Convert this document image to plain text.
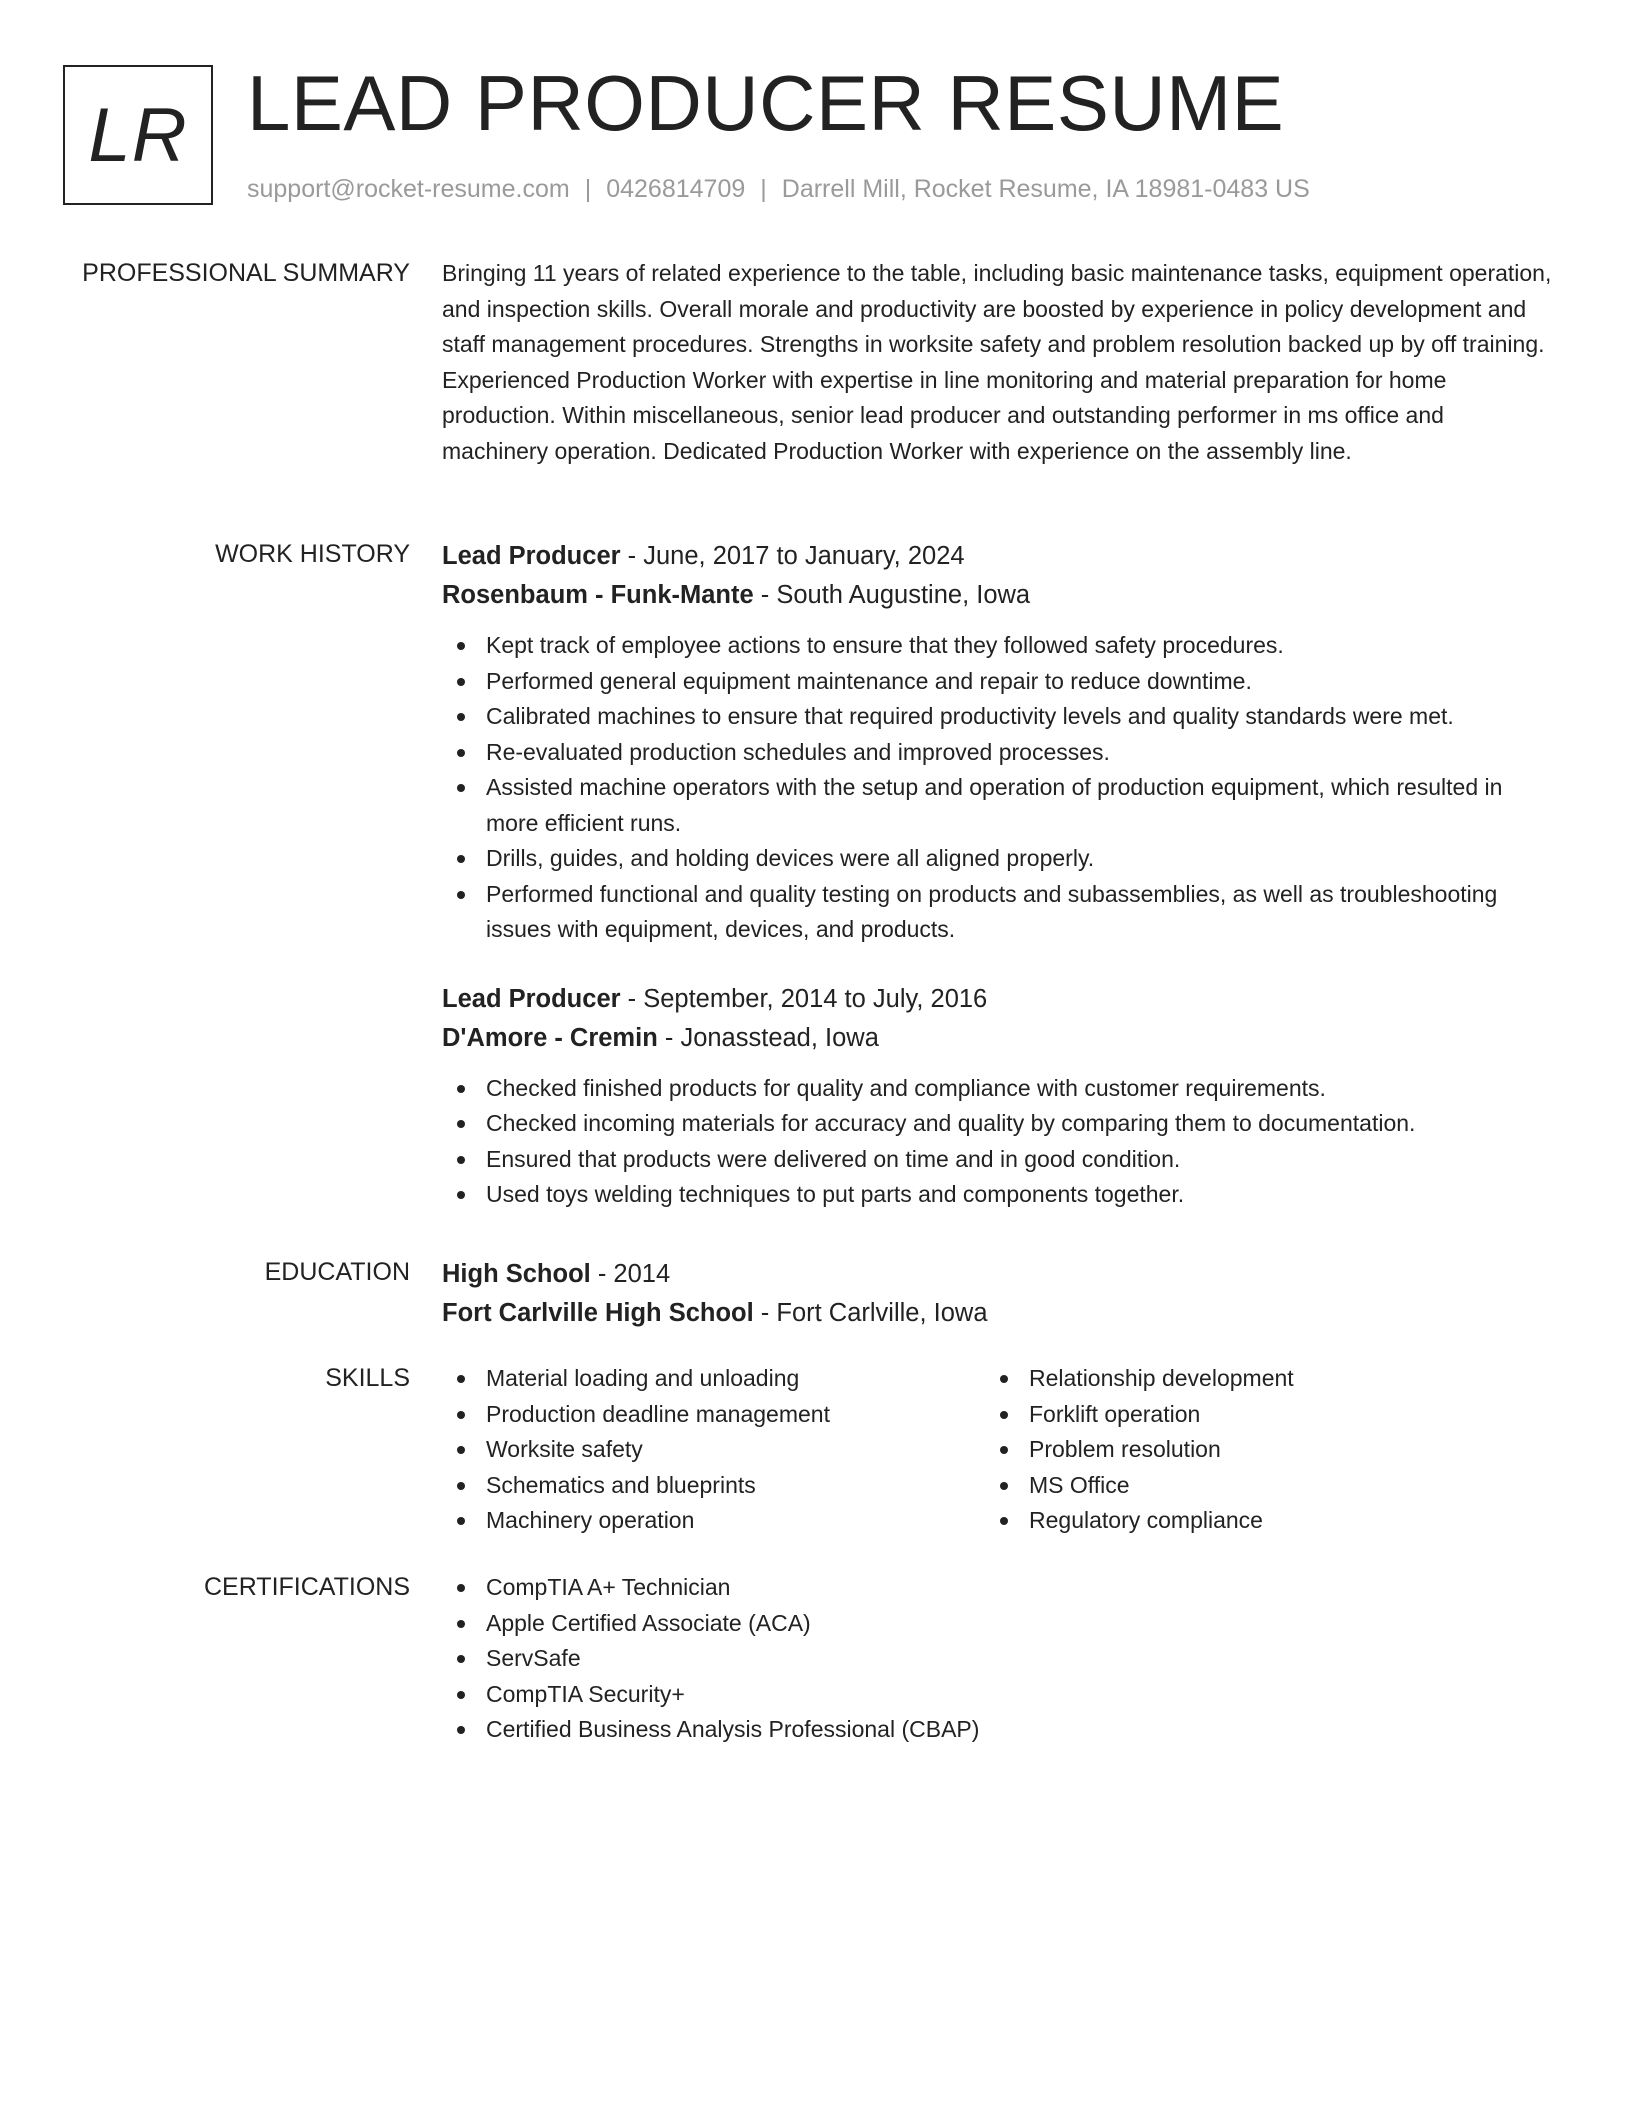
LR LEAD PRODUCER RESUME
support@rocket-resume.com | 0426814709 | Darrell Mill, Rocket Resume, IA 18981-0483 US
PROFESSIONAL SUMMARY Bringing 11 years of related experience to the table, including basic maintenance tasks, equipment operation, and inspection skills. Overall morale and productivity are boosted by experience in policy development and staff management procedures. Strengths in worksite safety and problem resolution backed up by off training. Experienced Production Worker with expertise in line monitoring and material preparation for home production. Within miscellaneous, senior lead producer and outstanding performer in ms office and machinery operation. Dedicated Production Worker with experience on the assembly line.

WORK HISTORY Lead Producer - June, 2017 to January, 2024
Rosenbaum - Funk-Mante - South Augustine, Iowa
Kept track of employee actions to ensure that they followed safety procedures.
Performed general equipment maintenance and repair to reduce downtime.
Calibrated machines to ensure that required productivity levels and quality standards were met.
Re-evaluated production schedules and improved processes.
Assisted machine operators with the setup and operation of production equipment, which resulted in more efficient runs.
Drills, guides, and holding devices were all aligned properly.
Performed functional and quality testing on products and subassemblies, as well as troubleshooting issues with equipment, devices, and products.
Lead Producer - September, 2014 to July, 2016
D'Amore - Cremin - Jonasstead, Iowa
Checked finished products for quality and compliance with customer requirements.
Checked incoming materials for accuracy and quality by comparing them to documentation.
Ensured that products were delivered on time and in good condition.
Used toys welding techniques to put parts and components together.
EDUCATION High School - 2014
Fort Carlville High School - Fort Carlville, Iowa
SKILLS	Material loading and unloading
Production deadline management
Worksite safety
Schematics and blueprints
Machinery operation
Relationship development
Forklift operation
Problem resolution
MS Office
Regulatory compliance
CERTIFICATIONS	CompTIA A+ Technician
Apple Certified Associate (ACA)
ServSafe
CompTIA Security+
Certified Business Analysis Professional (CBAP)
